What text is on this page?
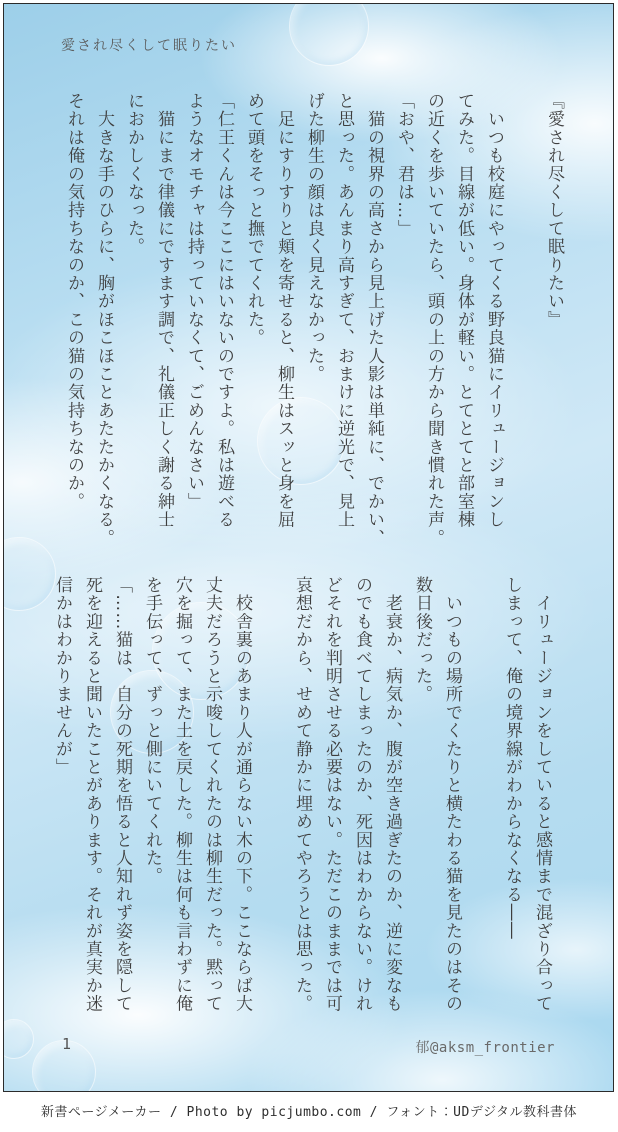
愛され尽くして眠りたい
『愛され尽くして眠りたい』
　いつも校庭にやってくる野良猫にイリュージョンし
てみた。目線が低い。身体が軽い。とてとてと部室棟
の近くを歩いていたら、頭の上の方から聞き慣れた声。
「おや、君は…」
　猫の視界の高さから見上げた人影は単純に、でかい、
と思った。あんまり高すぎて、おまけに逆光で、見上
げた柳生の顔は良く見えなかった。
　足にすりすりと頬を寄せると、柳生はスッと身を屈
めて頭をそっと撫でてくれた。
「仁王くんは今ここにはいないのですよ。私は遊べる
ようなオモチャは持っていなくて、ごめんなさい」
　猫にまで律儀にですます調で、礼儀正しく謝る紳士
におかしくなった。
　大きな手のひらに、胸がほこほことあたたかくなる。
それは俺の気持ちなのか、この猫の気持ちなのか。
　イリュージョンをしていると感情まで混ざり合って
しまって、俺の境界線がわからなくなる――
　いつもの場所でくたりと横たわる猫を見たのはその
数日後だった。
　老衰か、病気か、腹が空き過ぎたのか、逆に変なも
のでも食べてしまったのか、死因はわからない。けれ
どそれを判明させる必要はない。ただこのままでは可
哀想だから、せめて静かに埋めてやろうとは思った。
　校舎裏のあまり人が通らない木の下。ここならば大
丈夫だろうと示唆してくれたのは柳生だった。黙って
穴を掘って、また土を戻した。柳生は何も言わずに俺
を手伝って、ずっと側にいてくれた。
「……猫は、自分の死期を悟ると人知れず姿を隠して
死を迎えると聞いたことがあります。それが真実か迷
信かはわかりませんが」
1	郁@aksm_frontier
新書ページメーカー / Photo by picjumbo.com / フォント：UDデジタル教科書体
